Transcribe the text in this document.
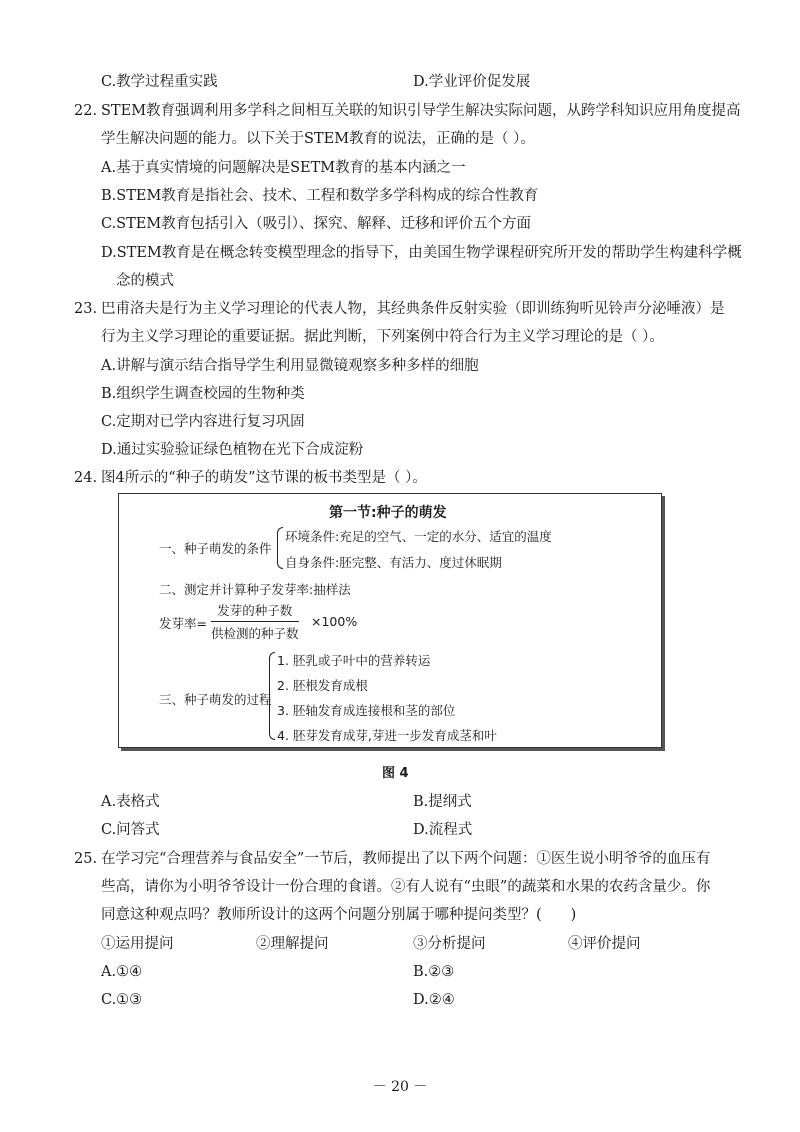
C.教学过程重实践	D.学业评价促发展
22. STEM教育强调利用多学科之间相互关联的知识引导学生解决实际问题，从跨学科知识应用角度提高
学生解决问题的能力。以下关于STEM教育的说法，正确的是（ ）。
A.基于真实情境的问题解决是SETM教育的基本内涵之一
B.STEM教育是指社会、技术、工程和数学多学科构成的综合性教育
C.STEM教育包括引入（吸引）、探究、解释、迁移和评价五个方面
D.STEM教育是在概念转变模型理念的指导下，由美国生物学课程研究所开发的帮助学生构建科学概
念的模式
23. 巴甫洛夫是行为主义学习理论的代表人物，其经典条件反射实验（即训练狗听见铃声分泌唾液）是
行为主义学习理论的重要证据。据此判断，下列案例中符合行为主义学习理论的是（ ）。
A.讲解与演示结合指导学生利用显微镜观察多种多样的细胞
B.组织学生调查校园的生物种类
C.定期对已学内容进行复习巩固
D.通过实验验证绿色植物在光下合成淀粉
24. 图4所示的“种子的萌发”这节课的板书类型是（ ）。
第一节:种子的萌发
一、种子萌发的条件
环境条件:充足的空气、一定的水分、适宜的温度
自身条件:胚完整、有活力、度过休眠期
二、测定并计算种子发芽率:抽样法
发芽率=
发芽的种子数
供检测的种子数
×100%
三、种子萌发的过程
1. 胚乳或子叶中的营养转运
2. 胚根发育成根
3. 胚轴发育成连接根和茎的部位
4. 胚芽发育成芽,芽进一步发育成茎和叶
图 4
A.表格式	B.提纲式
C.问答式	D.流程式
25. 在学习完“合理营养与食品安全”一节后，教师提出了以下两个问题：①医生说小明爷爷的血压有
些高，请你为小明爷爷设计一份合理的食谱。②有人说有“虫眼”的蔬菜和水果的农药含量少。你
同意这种观点吗？教师所设计的这两个问题分别属于哪种提问类型？(　　)
①运用提问	②理解提问	③分析提问	④评价提问
A.①④	B.②③
C.①③	D.②④
－ 20 －
